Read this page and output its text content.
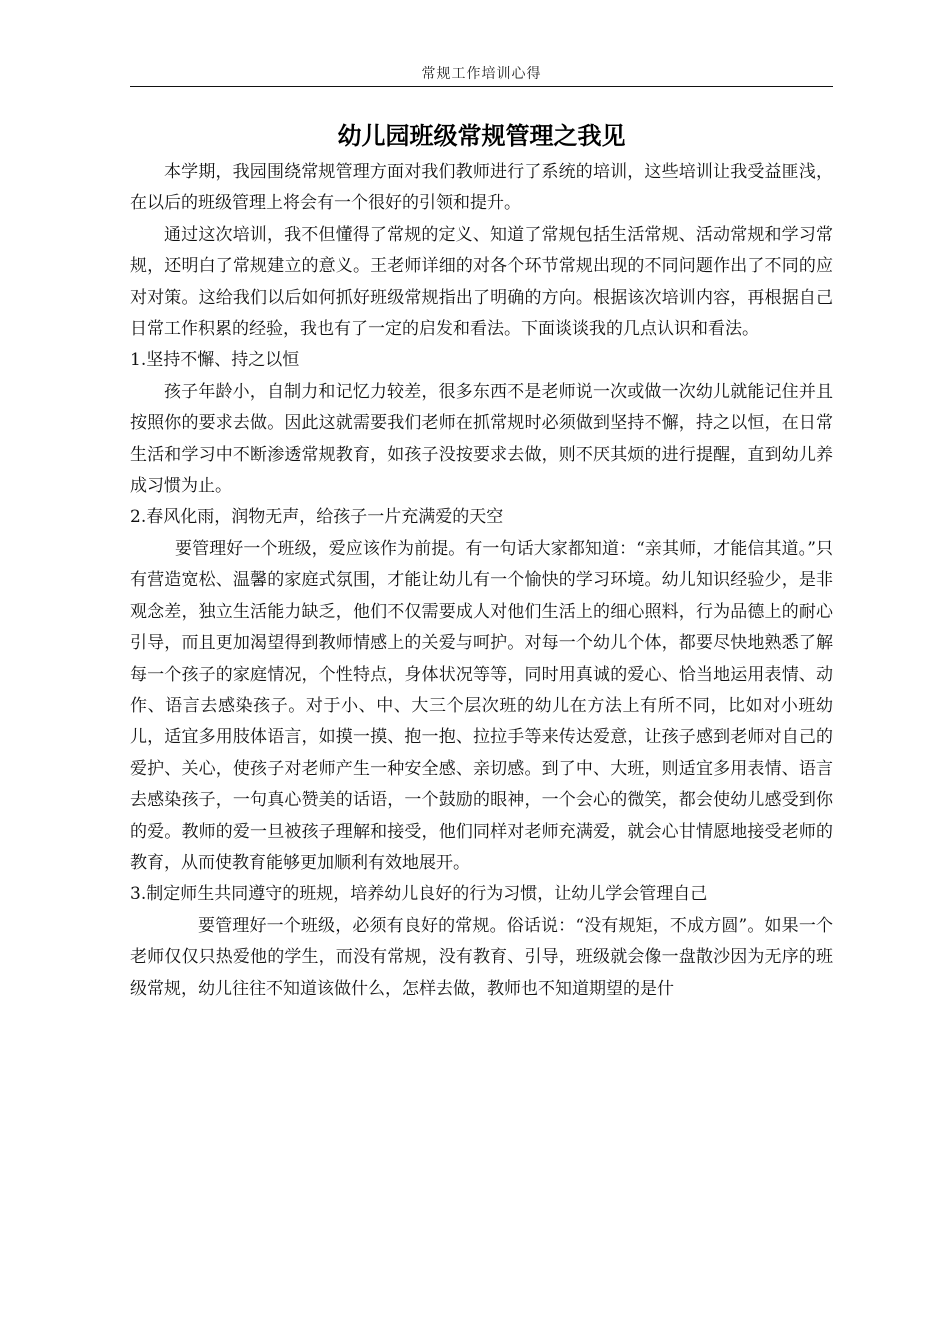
常规工作培训心得
幼儿园班级常规管理之我见

本学期，我园围绕常规管理方面对我们教师进行了系统的培训，这些培训让我受益匪浅，在以后的班级管理上将会有一个很好的引领和提升。

通过这次培训，我不但懂得了常规的定义、知道了常规包括生活常规、活动常规和学习常规，还明白了常规建立的意义。王老师详细的对各个环节常规出现的不同问题作出了不同的应对对策。这给我们以后如何抓好班级常规指出了明确的方向。根据该次培训内容，再根据自己日常工作积累的经验，我也有了一定的启发和看法。下面谈谈我的几点认识和看法。

1.坚持不懈、持之以恒

孩子年龄小，自制力和记忆力较差，很多东西不是老师说一次或做一次幼儿就能记住并且按照你的要求去做。因此这就需要我们老师在抓常规时必须做到坚持不懈，持之以恒，在日常生活和学习中不断渗透常规教育，如孩子没按要求去做，则不厌其烦的进行提醒，直到幼儿养成习惯为止。

2.春风化雨，润物无声，给孩子一片充满爱的天空

要管理好一个班级，爱应该作为前提。有一句话大家都知道：“亲其师，才能信其道。”只有营造宽松、温馨的家庭式氛围，才能让幼儿有一个愉快的学习环境。幼儿知识经验少，是非观念差，独立生活能力缺乏，他们不仅需要成人对他们生活上的细心照料，行为品德上的耐心引导，而且更加渴望得到教师情感上的关爱与呵护。对每一个幼儿个体，都要尽快地熟悉了解每一个孩子的家庭情况，个性特点，身体状况等等，同时用真诚的爱心、恰当地运用表情、动作、语言去感染孩子。对于小、中、大三个层次班的幼儿在方法上有所不同，比如对小班幼儿，适宜多用肢体语言，如摸一摸、抱一抱、拉拉手等来传达爱意，让孩子感到老师对自己的爱护、关心，使孩子对老师产生一种安全感、亲切感。到了中、大班，则适宜多用表情、语言去感染孩子，一句真心赞美的话语，一个鼓励的眼神，一个会心的微笑，都会使幼儿感受到你的爱。教师的爱一旦被孩子理解和接受，他们同样对老师充满爱，就会心甘情愿地接受老师的教育，从而使教育能够更加顺利有效地展开。

3.制定师生共同遵守的班规，培养幼儿良好的行为习惯，让幼儿学会管理自己

要管理好一个班级，必须有良好的常规。俗话说：“没有规矩，不成方圆”。如果一个老师仅仅只热爱他的学生，而没有常规，没有教育、引导，班级就会像一盘散沙因为无序的班级常规，幼儿往往不知道该做什么，怎样去做，教师也不知道期望的是什
